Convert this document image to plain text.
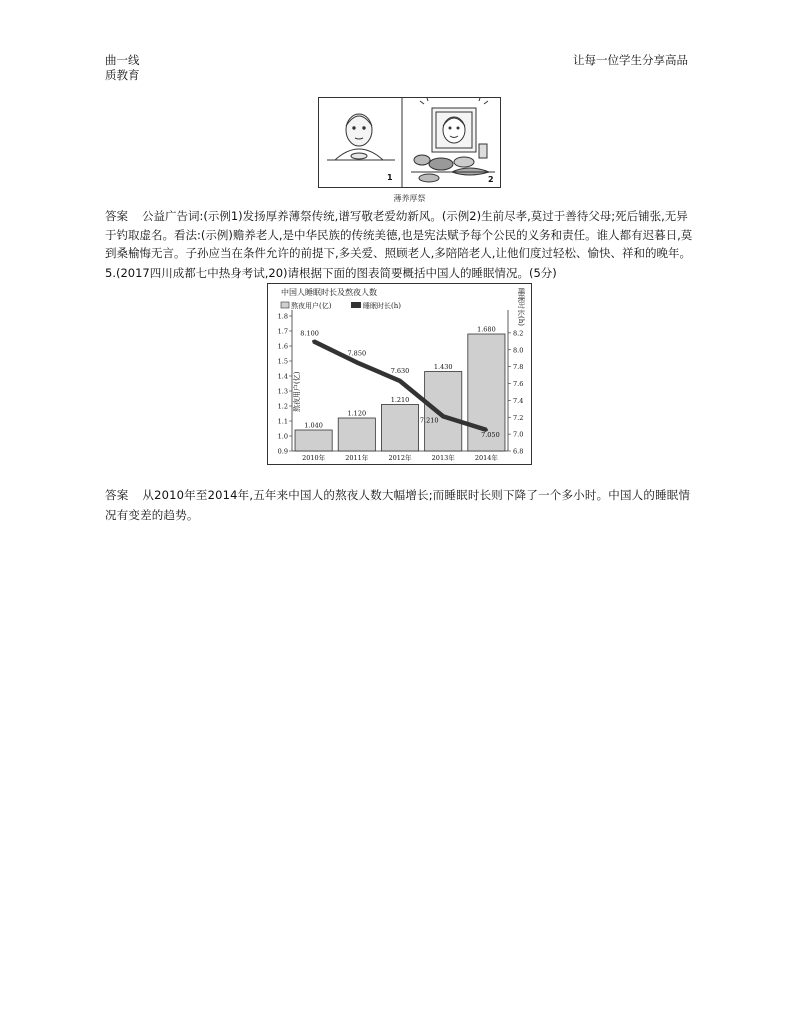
曲一线
质教育
让每一位学生分享高品
1	2
薄养厚祭
答案 公益广告词:(示例1)发扬厚养薄祭传统,谱写敬老爱幼新风。(示例2)生前尽孝,莫过于善待父母;死后铺张,无异于钓取虚名。看法:(示例)赡养老人,是中华民族的传统美德,也是宪法赋予每个公民的义务和责任。谁人都有迟暮日,莫到桑榆悔无言。子孙应当在条件允许的前提下,多关爱、照顾老人,多陪陪老人,让他们度过轻松、愉快、祥和的晚年。
5.(2017四川成都七中热身考试,20)请根据下面的图表简要概括中国人的睡眠情况。(5分)
中国人睡眠时长及熬夜人数
熬夜用户(亿)	睡眠时长(h)
0.9
1.0
1.1
1.2
1.3
1.4
1.5
1.6
1.7
1.8
6.8
7.0
7.2
7.4
7.6
7.8
8.0
8.2
熬夜用户(亿)
睡眠时长(h)
1.040
1.120
1.210
1.430
1.680
2010年	2011年	2012年	2013年	2014年
8.100
7.850
7.630
7.210
7.050
答案 从2010年至2014年,五年来中国人的熬夜人数大幅增长;而睡眠时长则下降了一个多小时。中国人的睡眠情况有变差的趋势。
